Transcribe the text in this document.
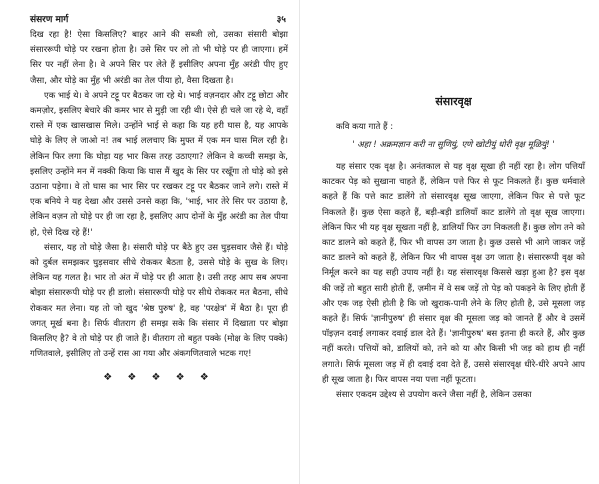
संसरण मार्ग	३५

दिख रहा है! ऐसा किसलिए? बाहर आने की सब्जी लो, उसका संसारी बोझा संसाररूपी घोड़े पर रखना होता है। उसे सिर पर लो तो भी घोड़े पर ही जाएगा। हमें सिर पर नहीं लेना है। वे अपने सिर पर लेते हैं इसीलिए अपना मुँह अरंडी पीए हुए जैसा, और घोड़े का मुँह भी अरंडी का तेल पीया हो, वैसा दिखता है।

एक भाई थे। वे अपने टट्टू पर बैठकर जा रहे थे। भाई वज़नदार और टट्टू छोटा और कमज़ोर, इसलिए बेचारे की कमर भार से मुड़ी जा रही थी। ऐसे ही चले जा रहे थे, वहाँ रास्ते में एक खासखास मिले। उन्होंने भाई से कहा कि यह हरी घास है, यह आपके घोड़े के लिए ले जाओ न! तब भाई ललचाए कि मुफ्त में एक मन घास मिल रही है। लेकिन फिर लगा कि घोड़ा यह भार किस तरह उठाएगा? लेकिन वे कच्ची समझ के, इसलिए उन्होंने मन में नक्की किया कि घास मैं खुद के सिर पर रखूँगा तो घोड़े को इसे उठाना पड़ेगा। वे तो घास का भार सिर पर रखकर टट्टू पर बैठकर जाने लगे। रास्ते में एक बनिये ने यह देखा और उससे उनसे कहा कि, 'भाई, भार तेरे सिर पर उठाया है, लेकिन वज़न तो घोड़े पर ही जा रहा है, इसलिए आप दोनों के मुँह अरंडी का तेल पीया हो, ऐसे दिख रहे हैं!'

संसार, यह तो घोड़े जैसा है। संसारी घोड़े पर बैठे हुए उस घुड़सवार जैसे हैं। घोड़े को दुर्बल समझकर घुड़सवार सीधे रोककर बैठता है, उससे घोड़े के सुख के लिए। लेकिन यह गलत है। भार तो अंत में घोड़े पर ही आता है। उसी तरह आप सब अपना बोझा संसाररूपी घोड़े पर ही डालो। संसाररूपी घोड़े पर सीधे रोककर मत बैठना, सीधे रोककर मत लेना। यह तो जो खुद 'श्रेष्ठ पुरुष' है, वह 'परक्षेत्र' में बैठा है। पूरा ही जगत् मूर्ख बना है। सिर्फ वीतराग ही समझ सके कि संसार में दिखाता पर बोझा किसलिए है? वे तो घोड़े पर ही जाते हैं। वीतराग तो बहुत पक्के (मोक्ष के लिए पक्के) गणितवाले, इसीलिए तो उन्हें रास आ गया और अंकगणितवाले भटक गए!

❖ ❖ ❖ ❖ ❖
संसारवृक्ष

कवि कया गाते हैं :

' अहा ! अक्रमज्ञान करी ना सुणियुं, एणे खोटीयुं धोरी वृक्ष मूळियुं! '

यह संसार एक वृक्ष है। अनंतकाल से यह वृक्ष सूखा ही नहीं रहा है। लोग पत्तियाँ काटकर पेड़ को सुखाना चाहते हैं, लेकिन पत्ते फिर से फूट निकलते हैं। कुछ धर्मवाले कहते हैं कि पत्ते काट डालेंगे तो संसारवृक्ष सूख जाएगा, लेकिन फिर से पत्ते फूट निकलते हैं। कुछ ऐसा कहते हैं, बड़ी-बड़ी डालियाँ काट डालेंगे तो वृक्ष सूख जाएगा। लेकिन फिर भी यह वृक्ष सूखता नहीं है, डालियाँ फिर उग निकलती हैं। कुछ लोग तने को काट डालने को कहते हैं, फिर भी वापस उग जाता है। कुछ उससे भी आगे जाकर जड़ें काट डालने को कहते हैं, लेकिन फिर भी वापस वृक्ष उग जाता है। संसाररूपी वृक्ष को निर्मूल करने का यह सही उपाय नहीं है। यह संसारवृक्ष किससे खड़ा हुआ है? इस वृक्ष की जड़ें तो बहुत सारी होती हैं, ज़मीन में वे सब जड़ें तो पेड़ को पकड़ने के लिए होती हैं और एक जड़ ऐसी होती है कि जो खुराक-पानी लेने के लिए होती है, उसे मूसला जड़ कहते हैं। सिर्फ 'ज्ञानीपुरुष' ही संसार वृक्ष की मूसला जड़ को जानते हैं और वे उसमें पॉइज़न दवाई लगाकर दवाई डाल देते हैं। 'ज्ञानीपुरुष' बस इतना ही करते हैं, और कुछ नहीं करते। पत्तियों को, डालियों को, तने को या और किसी भी जड़ को हाथ ही नहीं लगाते। सिर्फ मूसला जड़ में ही दवाई दवा देते हैं, उससे संसारवृक्ष धीरे-धीरे अपने आप ही सूख जाता है। फिर वापस नया पत्ता नहीं फूटता।

संसार एकदम उद्देश्य से उपयोग करने जैसा नहीं है, लेकिन उसका
